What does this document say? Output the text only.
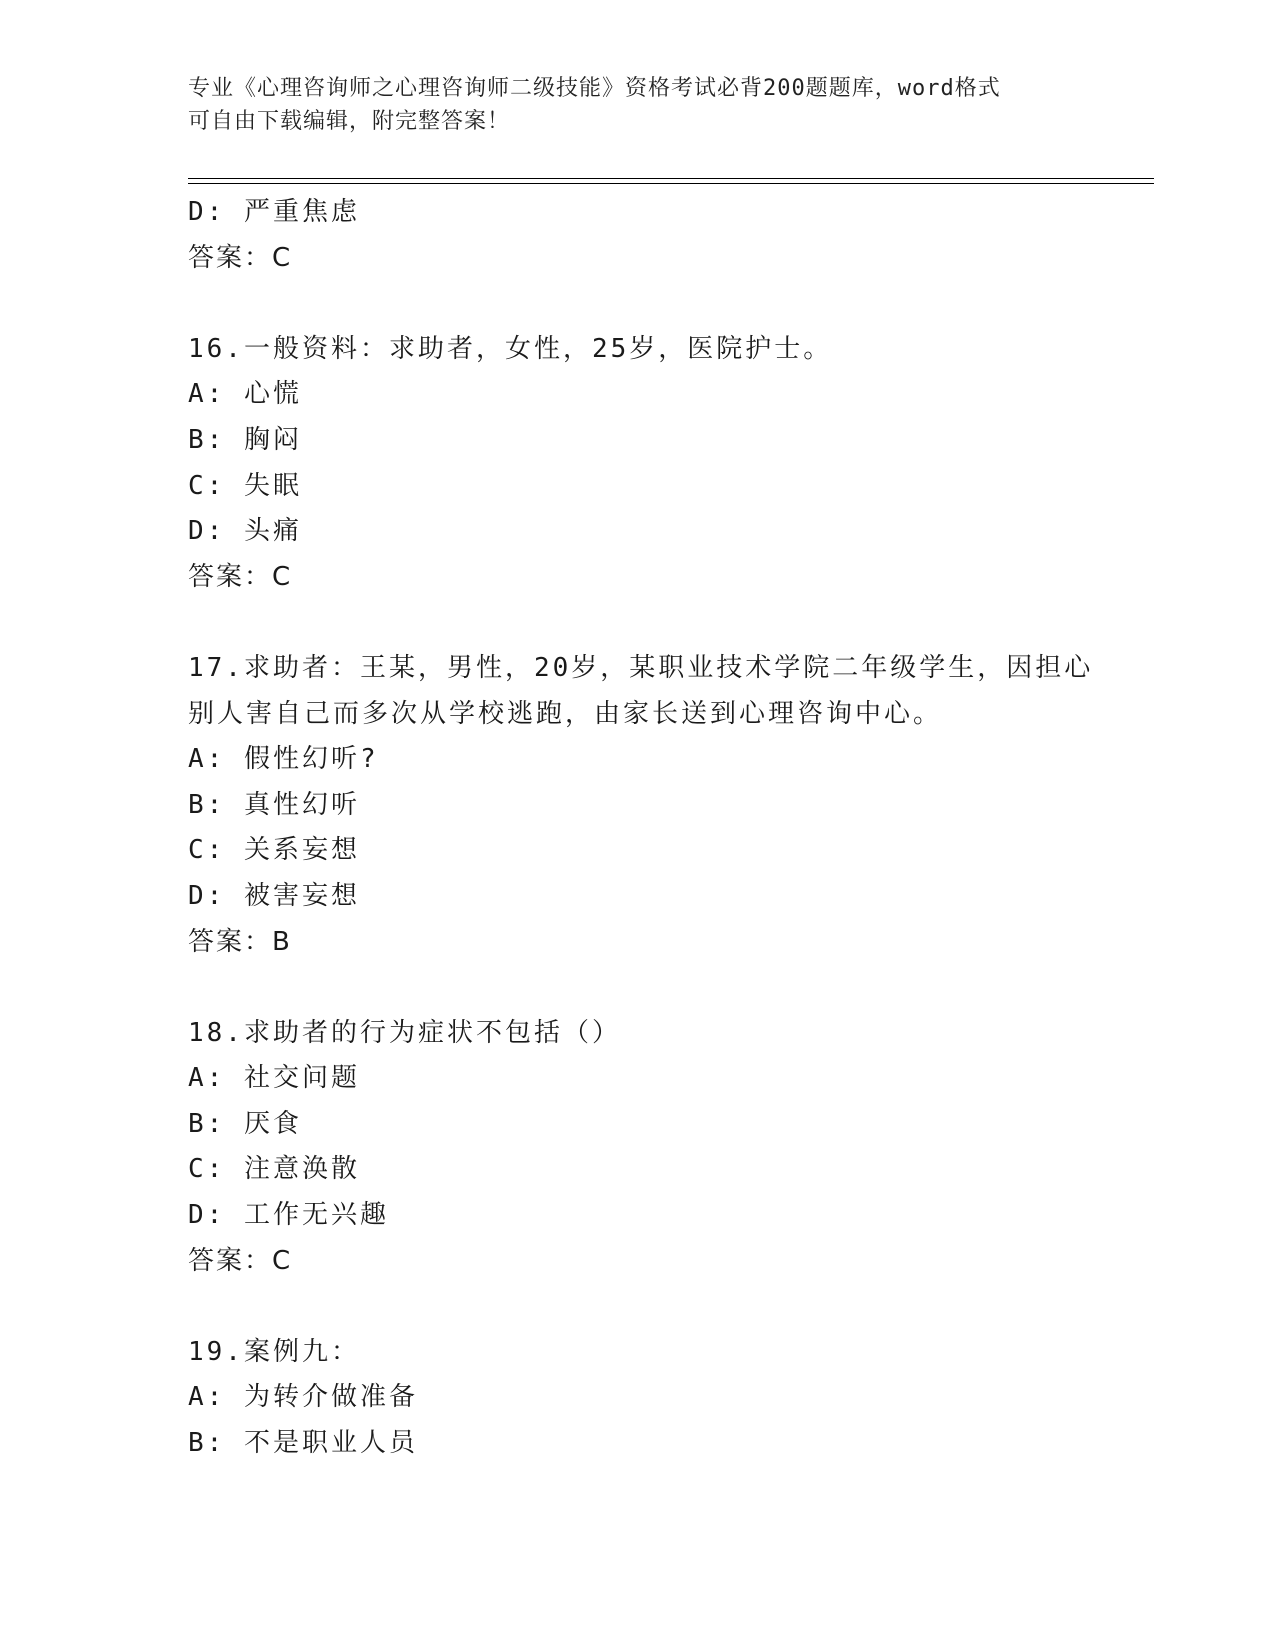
专业《心理咨询师之心理咨询师二级技能》资格考试必背200题题库，word格式
可自由下载编辑，附完整答案！
D: 严重焦虑
答案：C
16.一般资料：求助者，女性，25岁，医院护士。
A: 心慌
B: 胸闷
C: 失眠
D: 头痛
答案：C
17.求助者：王某，男性，20岁，某职业技术学院二年级学生，因担心
别人害自己而多次从学校逃跑，由家长送到心理咨询中心。
A: 假性幻听?
B: 真性幻听
C: 关系妄想
D: 被害妄想
答案：B
18.求助者的行为症状不包括（）
A: 社交问题
B: 厌食
C: 注意涣散
D: 工作无兴趣
答案：C
19.案例九：
A: 为转介做准备
B: 不是职业人员
